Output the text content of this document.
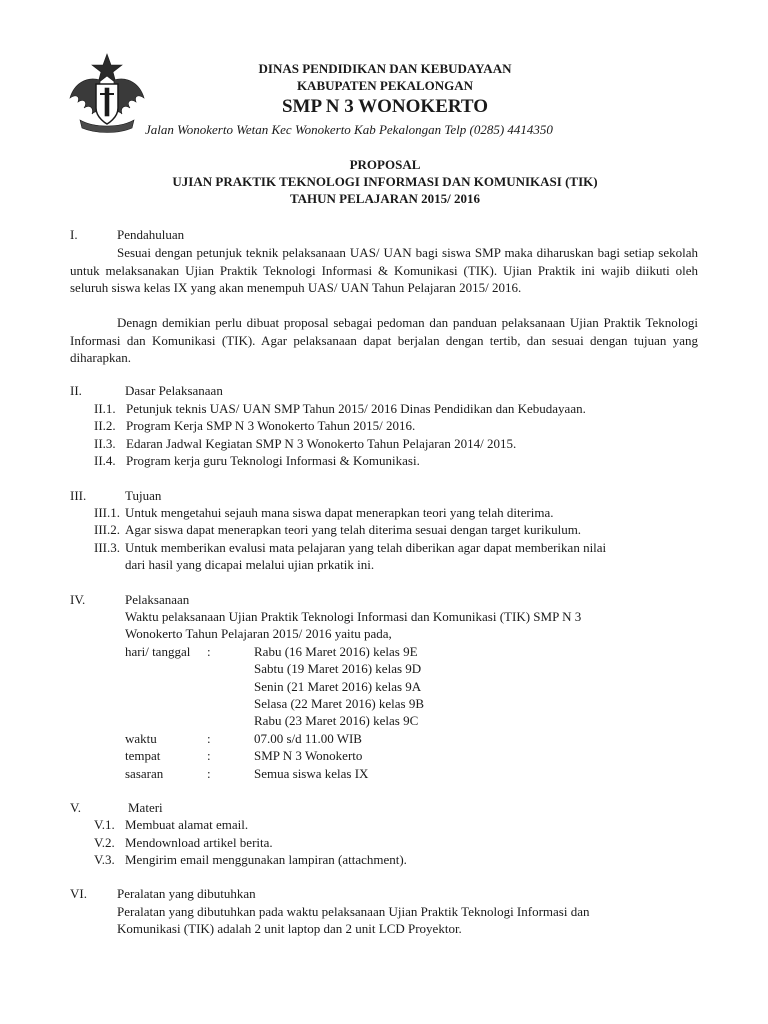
DINAS PENDIDIKAN DAN KEBUDAYAAN
KABUPATEN PEKALONGAN
SMP N 3 WONOKERTO
Jalan Wonokerto Wetan Kec Wonokerto Kab Pekalongan Telp (0285) 4414350
PROPOSAL
UJIAN PRAKTIK TEKNOLOGI INFORMASI DAN KOMUNIKASI (TIK)
TAHUN PELAJARAN 2015/ 2016
I.	Pendahuluan
Sesuai dengan petunjuk teknik pelaksanaan UAS/ UAN bagi siswa SMP maka diharuskan bagi setiap sekolah untuk melaksanakan Ujian Praktik Teknologi Informasi & Komunikasi (TIK). Ujian Praktik ini wajib diikuti oleh seluruh siswa kelas IX yang akan menempuh UAS/ UAN Tahun Pelajaran 2015/ 2016.
Denagn demikian perlu dibuat proposal sebagai pedoman dan panduan pelaksanaan Ujian Praktik Teknologi Informasi dan Komunikasi (TIK). Agar pelaksanaan dapat berjalan dengan tertib, dan sesuai dengan tujuan yang diharapkan.
II.	Dasar Pelaksanaan
II.1. Petunjuk teknis UAS/ UAN SMP Tahun 2015/ 2016 Dinas Pendidikan dan Kebudayaan.
II.2. Program Kerja SMP N 3 Wonokerto Tahun 2015/ 2016.
II.3. Edaran Jadwal Kegiatan SMP N 3 Wonokerto Tahun Pelajaran 2014/ 2015.
II.4. Program kerja guru Teknologi Informasi & Komunikasi.
III.	Tujuan
III.1. Untuk mengetahui sejauh mana siswa dapat menerapkan teori yang telah diterima.
III.2. Agar siswa dapat menerapkan teori yang telah diterima sesuai dengan target kurikulum.
III.3. Untuk memberikan evalusi mata pelajaran yang telah diberikan agar dapat memberikan nilai
dari hasil yang dicapai melalui ujian prkatik ini.
IV.	Pelaksanaan
Waktu pelaksanaan Ujian Praktik Teknologi Informasi dan Komunikasi (TIK) SMP N 3
Wonokerto Tahun Pelajaran 2015/ 2016 yaitu pada,
hari/ tanggal :	Rabu (16 Maret 2016) kelas 9E
Sabtu (19 Maret 2016) kelas 9D
Senin (21 Maret 2016) kelas 9A
Selasa (22 Maret 2016) kelas 9B
Rabu (23 Maret 2016) kelas 9C
waktu	:	07.00 s/d 11.00 WIB
tempat	:	SMP N 3 Wonokerto
sasaran	:	Semua siswa kelas IX
V.	Materi
V.1. Membuat alamat email.
V.2. Mendownload artikel berita.
V.3. Mengirim email menggunakan lampiran (attachment).
VI. Peralatan yang dibutuhkan
Peralatan yang dibutuhkan pada waktu pelaksanaan Ujian Praktik Teknologi Informasi dan
Komunikasi (TIK) adalah 2 unit laptop dan 2 unit LCD Proyektor.
